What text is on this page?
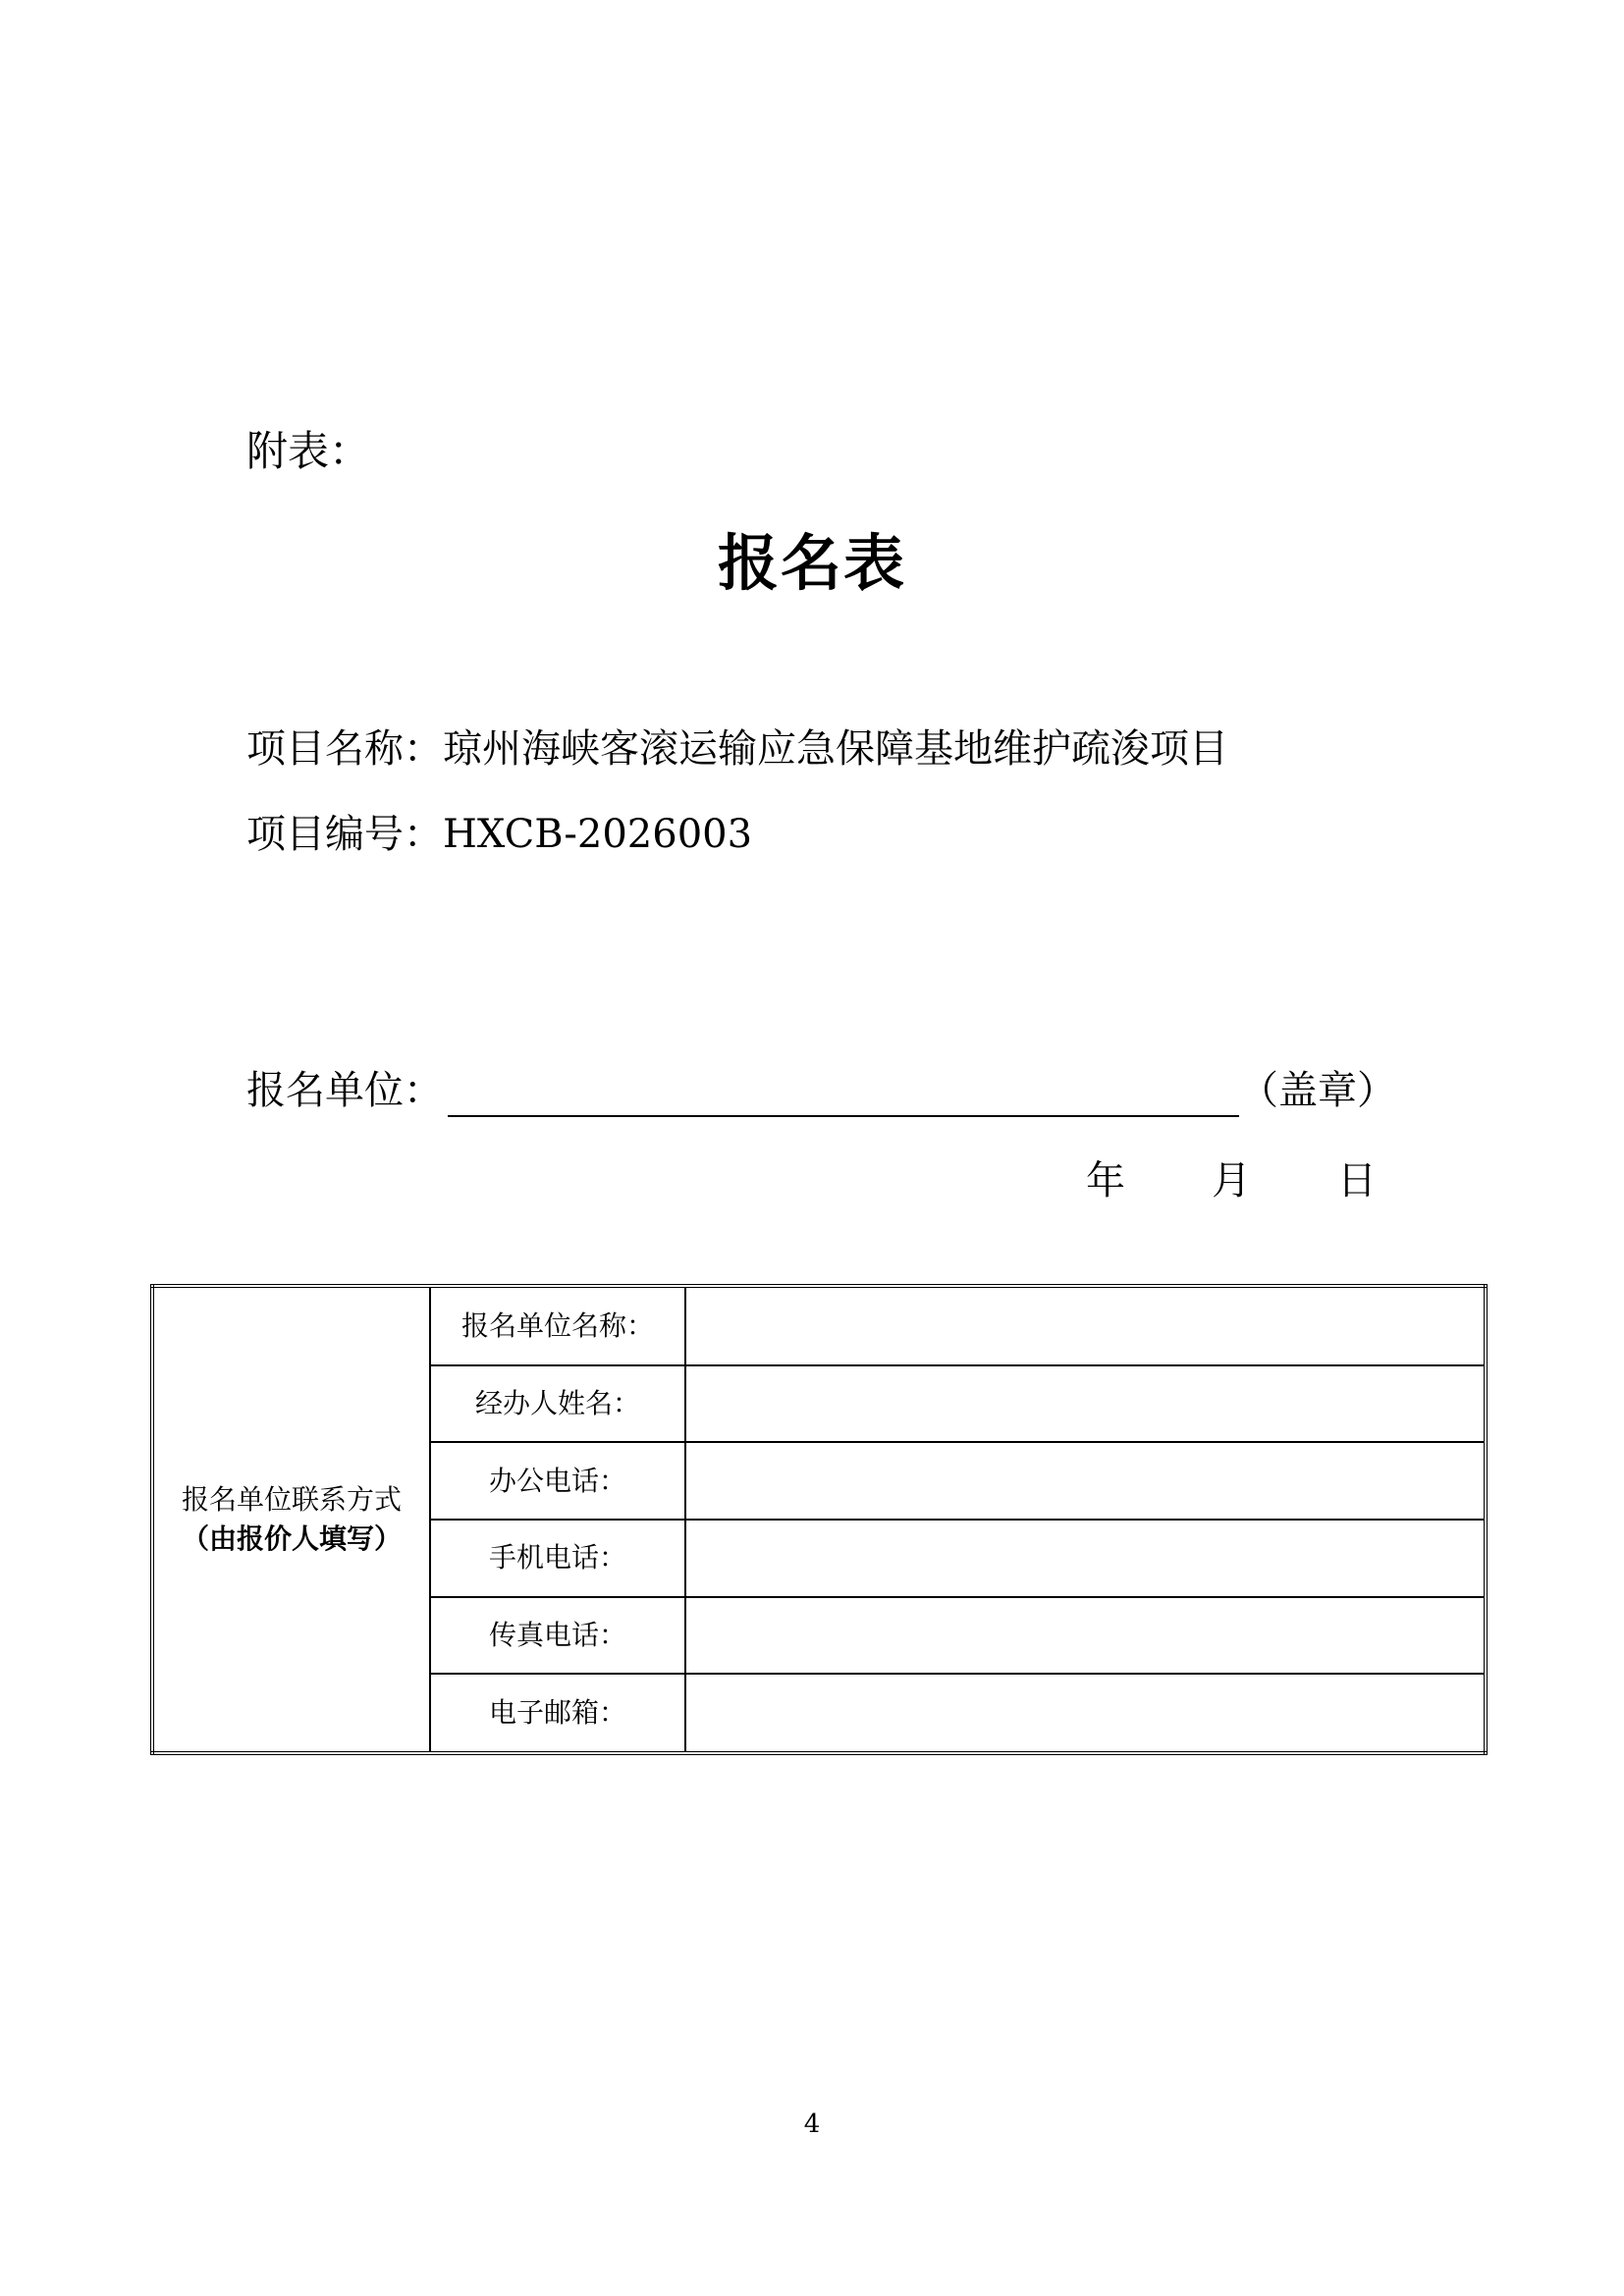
附表：
报名表
项目名称：琼州海峡客滚运输应急保障基地维护疏浚项目
项目编号：HXCB-2026003
报名单位：	（盖章）
年 月 日
报名单位联系方式
（由报价人填写）	报名单位名称：	
	经办人姓名：	
	办公电话：	
	手机电话：	
	传真电话：	
	电子邮箱：	
4
